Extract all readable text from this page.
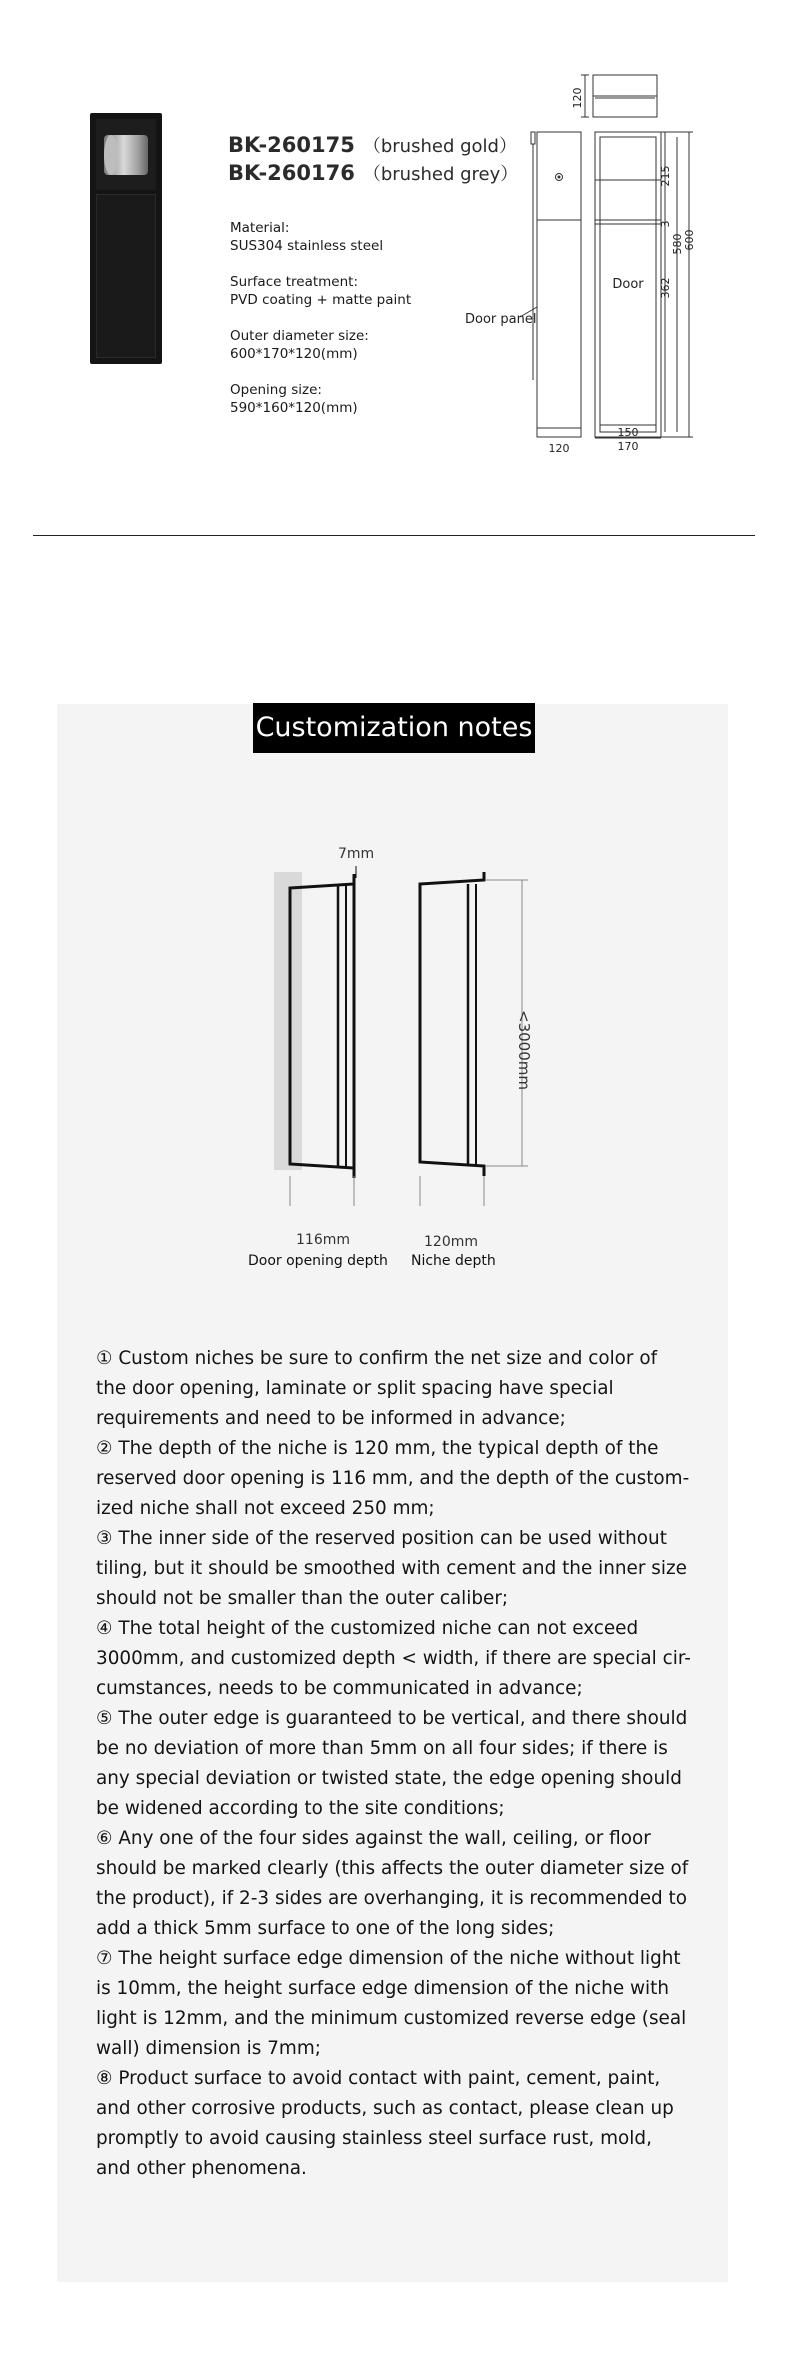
BK-260175 （brushed gold）
BK-260176 （brushed grey）
Material:
SUS304 stainless steel
Surface treatment:
PVD coating + matte paint
Outer diameter size:
600*170*120(mm)
Opening size:
590*160*120(mm)
120
120
Door panel
Door
215
3
362
580 600
150
170
Customization notes
7mm
<3000mm
116mm
Door opening depth
120mm
Niche depth

① Custom niches be sure to confirm the net size and color of

the door opening, laminate or split spacing have special

requirements and need to be informed in advance;

② The depth of the niche is 120 mm, the typical depth of the

reserved door opening is 116 mm, and the depth of the custom-

ized niche shall not exceed 250 mm;

③ The inner side of the reserved position can be used without

tiling, but it should be smoothed with cement and the inner size

should not be smaller than the outer caliber;

④ The total height of the customized niche can not exceed

3000mm, and customized depth < width, if there are special cir-

cumstances, needs to be communicated in advance;

⑤ The outer edge is guaranteed to be vertical, and there should

be no deviation of more than 5mm on all four sides; if there is

any special deviation or twisted state, the edge opening should

be widened according to the site conditions;

⑥ Any one of the four sides against the wall, ceiling, or floor

should be marked clearly (this affects the outer diameter size of

the product), if 2-3 sides are overhanging, it is recommended to

add a thick 5mm surface to one of the long sides;

⑦ The height surface edge dimension of the niche without light

is 10mm, the height surface edge dimension of the niche with

light is 12mm, and the minimum customized reverse edge (seal

wall) dimension is 7mm;

⑧ Product surface to avoid contact with paint, cement, paint,

and other corrosive products, such as contact, please clean up

promptly to avoid causing stainless steel surface rust, mold,

and other phenomena.
